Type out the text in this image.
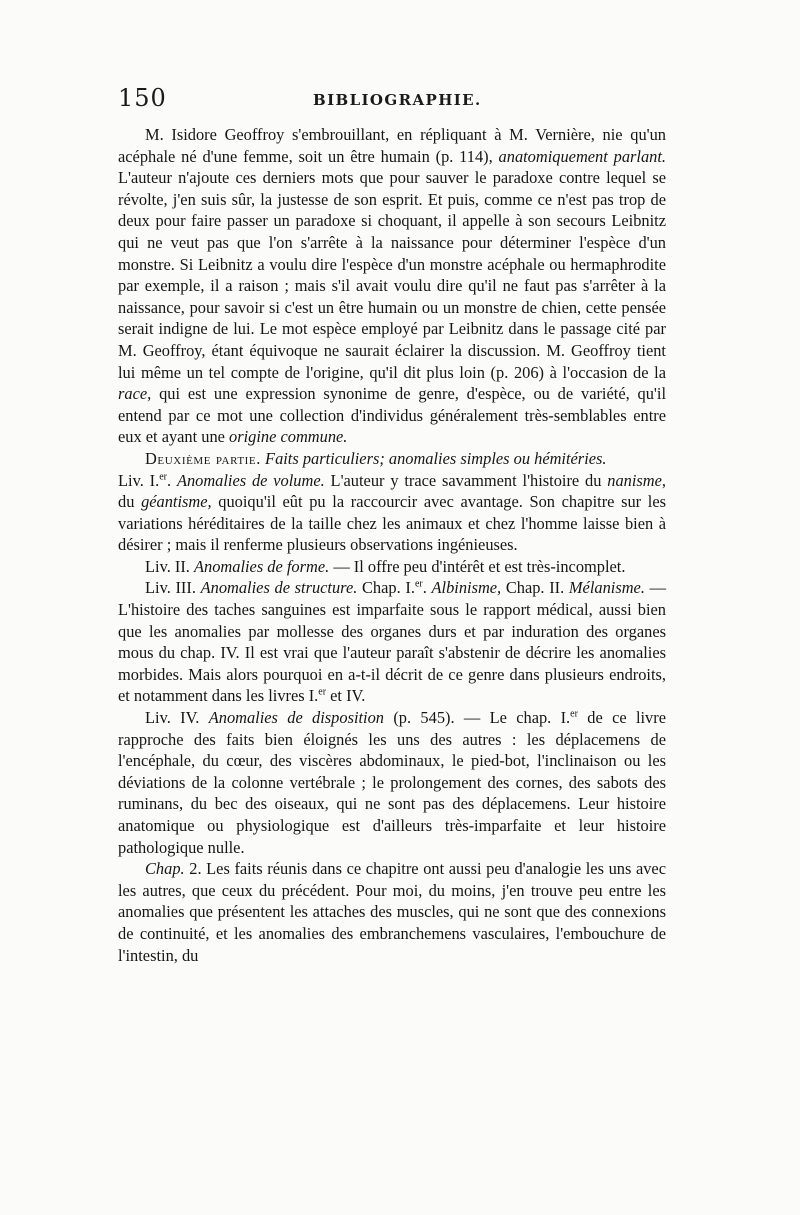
150	BIBLIOGRAPHIE.

M. Isidore Geoffroy s'embrouillant, en répliquant à M. Vernière, nie qu'un acéphale né d'une femme, soit un être humain (p. 114), anatomiquement parlant. L'auteur n'ajoute ces derniers mots que pour sauver le paradoxe contre lequel se révolte, j'en suis sûr, la justesse de son esprit. Et puis, comme ce n'est pas trop de deux pour faire passer un paradoxe si choquant, il appelle à son secours Leibnitz qui ne veut pas que l'on s'arrête à la naissance pour déterminer l'espèce d'un monstre. Si Leibnitz a voulu dire l'espèce d'un monstre acéphale ou hermaphrodite par exemple, il a raison ; mais s'il avait voulu dire qu'il ne faut pas s'arrêter à la naissance, pour savoir si c'est un être humain ou un monstre de chien, cette pensée serait indigne de lui. Le mot espèce employé par Leibnitz dans le passage cité par M. Geoffroy, étant équivoque ne saurait éclairer la discussion. M. Geoffroy tient lui même un tel compte de l'origine, qu'il dit plus loin (p. 206) à l'occasion de la race, qui est une expression synonime de genre, d'espèce, ou de variété, qu'il entend par ce mot une collection d'individus généralement très-semblables entre eux et ayant une origine commune.

Deuxième partie. Faits particuliers; anomalies simples ou hémitéries.

Liv. I.$^{er}$. Anomalies de volume. L'auteur y trace savamment l'histoire du nanisme, du géantisme, quoiqu'il eût pu la raccourcir avec avantage. Son chapitre sur les variations héréditaires de la taille chez les animaux et chez l'homme laisse bien à désirer ; mais il renferme plusieurs observations ingénieuses.

Liv. II. Anomalies de forme. — Il offre peu d'intérêt et est très-incomplet.

Liv. III. Anomalies de structure. Chap. I.$^{er}$. Albinisme, Chap. II. Mélanisme. — L'histoire des taches sanguines est imparfaite sous le rapport médical, aussi bien que les anomalies par mollesse des organes durs et par induration des organes mous du chap. IV. Il est vrai que l'auteur paraît s'abstenir de décrire les anomalies morbides. Mais alors pourquoi en a-t-il décrit de ce genre dans plusieurs endroits, et notamment dans les livres I.$^{er}$ et IV.

Liv. IV. Anomalies de disposition (p. 545). — Le chap. I.$^{er}$ de ce livre rapproche des faits bien éloignés les uns des autres : les déplacemens de l'encéphale, du cœur, des viscères abdominaux, le pied-bot, l'inclinaison ou les déviations de la colonne vertébrale ; le prolongement des cornes, des sabots des ruminans, du bec des oiseaux, qui ne sont pas des déplacemens. Leur histoire anatomique ou physiologique est d'ailleurs très-imparfaite et leur histoire pathologique nulle.

Chap. 2. Les faits réunis dans ce chapitre ont aussi peu d'analogie les uns avec les autres, que ceux du précédent. Pour moi, du moins, j'en trouve peu entre les anomalies que présentent les attaches des muscles, qui ne sont que des connexions de continuité, et les anomalies des embranchemens vasculaires, l'embouchure de l'intestin, du
